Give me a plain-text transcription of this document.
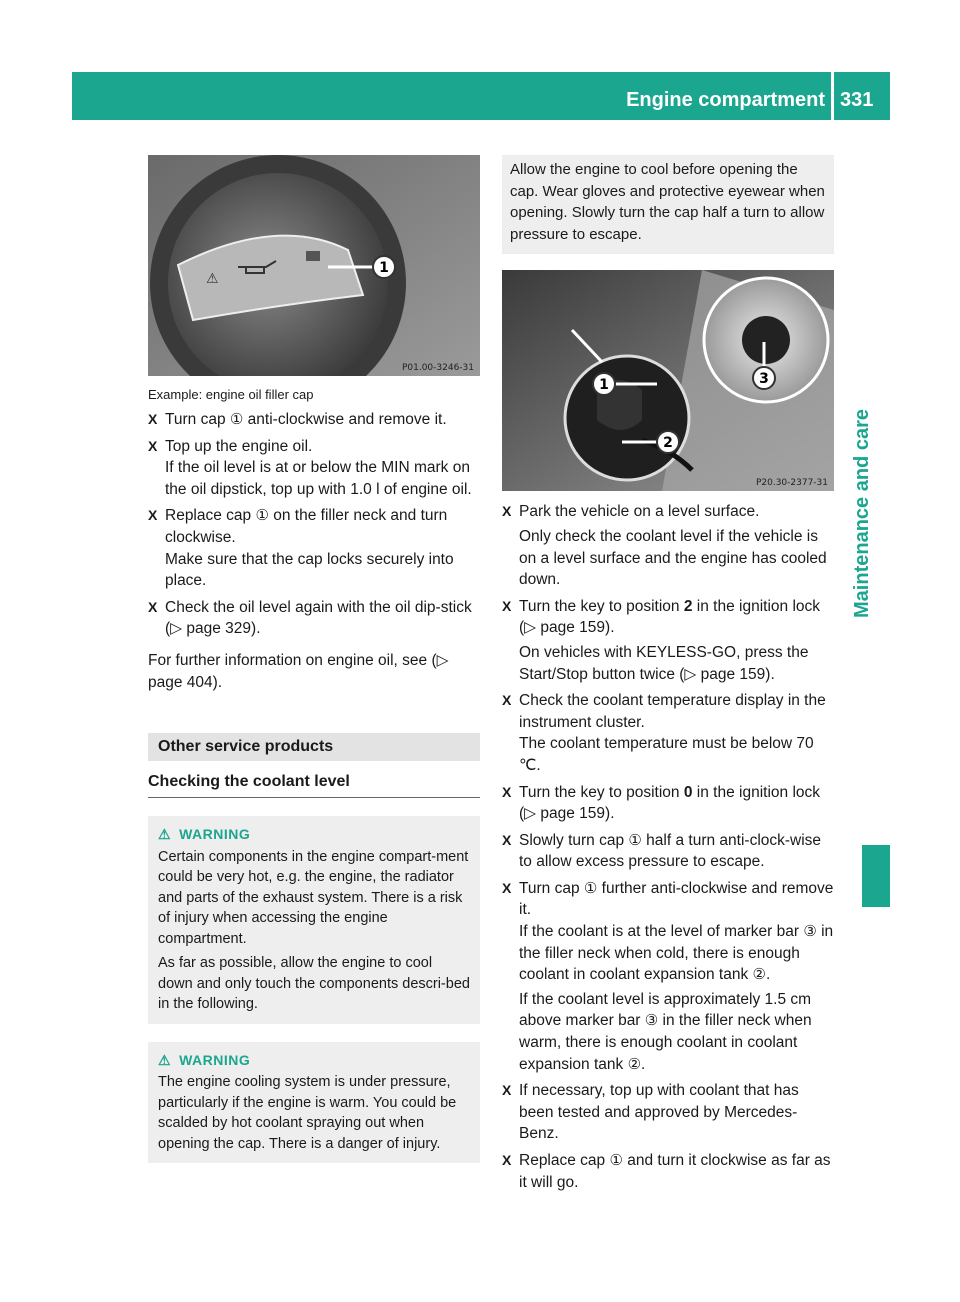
Engine compartment 331
Maintenance and care
⚠
1
P01.00-3246-31
Example: engine oil filler cap
X Turn cap ① anti-clockwise and remove it.

X Top up the engine oil.

If the oil level is at or below the MIN mark on the oil dipstick, top up with 1.0 l of engine oil.

X Replace cap ① on the filler neck and turn clockwise.

Make sure that the cap locks securely into place.

X Check the oil level again with the oil dip-stick (▷ page 329).

For further information on engine oil, see (▷ page 404).
Other service products
Checking the coolant level
⚠ WARNING

Certain components in the engine compart-ment could be very hot, e.g. the engine, the radiator and parts of the exhaust system. There is a risk of injury when accessing the engine compartment.

As far as possible, allow the engine to cool down and only touch the components descri-bed in the following.

⚠ WARNING

The engine cooling system is under pressure, particularly if the engine is warm. You could be scalded by hot coolant spraying out when opening the cap. There is a danger of injury.

Allow the engine to cool before opening the cap. Wear gloves and protective eyewear when opening. Slowly turn the cap half a turn to allow pressure to escape.
1
2
3
P20.30-2377-31
X Park the vehicle on a level surface.

Only check the coolant level if the vehicle is on a level surface and the engine has cooled down.

X Turn the key to position 2 in the ignition lock (▷ page 159).

On vehicles with KEYLESS-GO, press the Start/Stop button twice (▷ page 159).

X Check the coolant temperature display in the instrument cluster.

The coolant temperature must be below 70 ℃.

X Turn the key to position 0 in the ignition lock (▷ page 159).

X Slowly turn cap ① half a turn anti-clock-wise to allow excess pressure to escape.

X Turn cap ① further anti-clockwise and remove it.

If the coolant is at the level of marker bar ③ in the filler neck when cold, there is enough coolant in coolant expansion tank ②.

If the coolant level is approximately 1.5 cm above marker bar ③ in the filler neck when warm, there is enough coolant in coolant expansion tank ②.

X If necessary, top up with coolant that has been tested and approved by Mercedes-Benz.

X Replace cap ① and turn it clockwise as far as it will go.
